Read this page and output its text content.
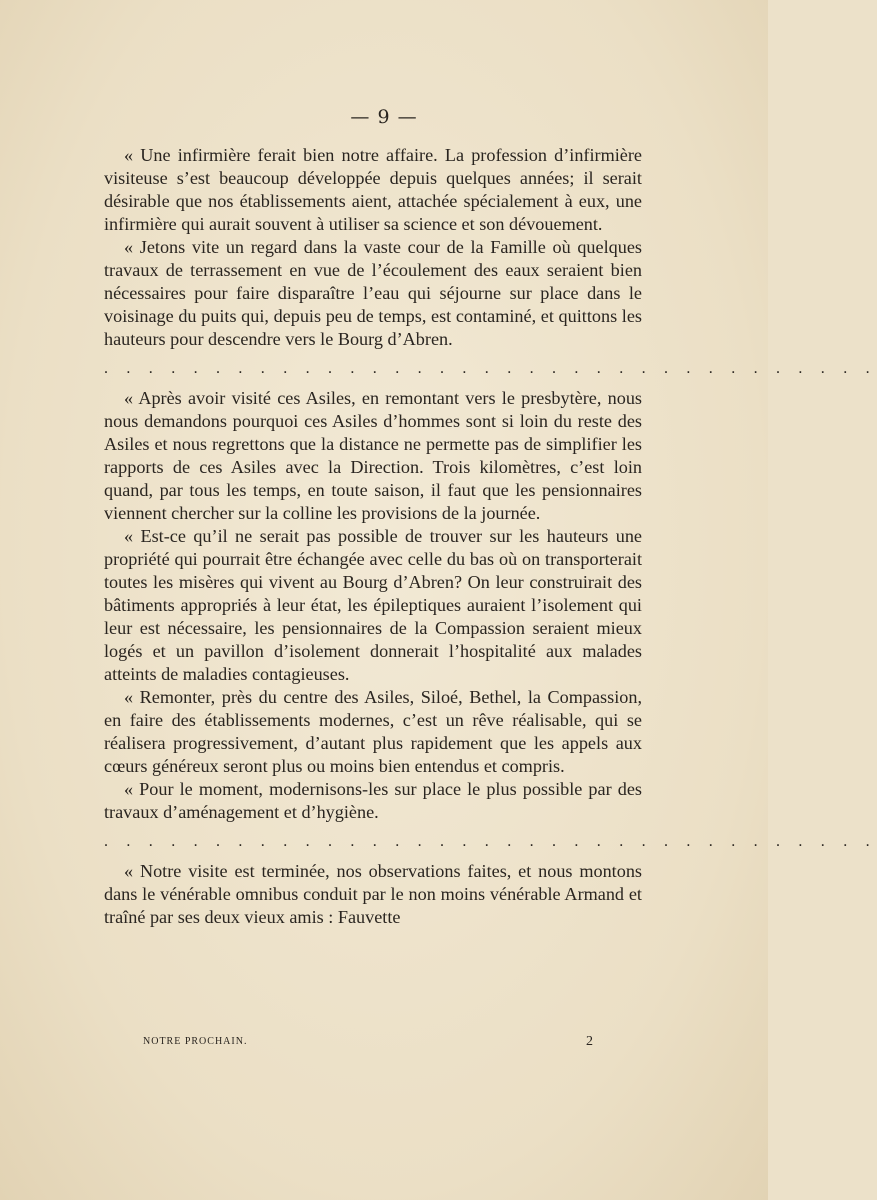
— 9 —

« Une infirmière ferait bien notre affaire. La profession d’infirmière visiteuse s’est beaucoup développée depuis quelques années; il serait désirable que nos établissements aient, attachée spécialement à eux, une infirmière qui aurait souvent à utiliser sa science et son dévouement.

« Jetons vite un regard dans la vaste cour de la Famille où quelques travaux de terrassement en vue de l’écoulement des eaux seraient bien nécessaires pour faire disparaître l’eau qui séjourne sur place dans le voisinage du puits qui, depuis peu de temps, est contaminé, et quittons les hauteurs pour descendre vers le Bourg d’Abren.

. . . . . . . . . . . . . . . . . . . . . . . . . . . . . . . . . . .

« Après avoir visité ces Asiles, en remontant vers le presbytère, nous nous demandons pourquoi ces Asiles d’hommes sont si loin du reste des Asiles et nous regrettons que la distance ne permette pas de simplifier les rapports de ces Asiles avec la Direction. Trois kilomètres, c’est loin quand, par tous les temps, en toute saison, il faut que les pensionnaires viennent chercher sur la colline les provisions de la journée.

« Est-ce qu’il ne serait pas possible de trouver sur les hauteurs une propriété qui pourrait être échangée avec celle du bas où on transporterait toutes les misères qui vivent au Bourg d’Abren? On leur construirait des bâtiments appropriés à leur état, les épileptiques auraient l’isolement qui leur est nécessaire, les pensionnaires de la Compassion seraient mieux logés et un pavillon d’isolement donnerait l’hospitalité aux malades atteints de maladies contagieuses.

« Remonter, près du centre des Asiles, Siloé, Bethel, la Compassion, en faire des établissements modernes, c’est un rêve réalisable, qui se réalisera progressivement, d’autant plus rapidement que les appels aux cœurs généreux seront plus ou moins bien entendus et compris.

« Pour le moment, modernisons-les sur place le plus possible par des travaux d’aménagement et d’hygiène.

. . . . . . . . . . . . . . . . . . . . . . . . . . . . . . . . . . .

« Notre visite est terminée, nos observations faites, et nous montons dans le vénérable omnibus conduit par le non moins vénérable Armand et traîné par ses deux vieux amis : Fauvette

NOTRE PROCHAIN.	2
